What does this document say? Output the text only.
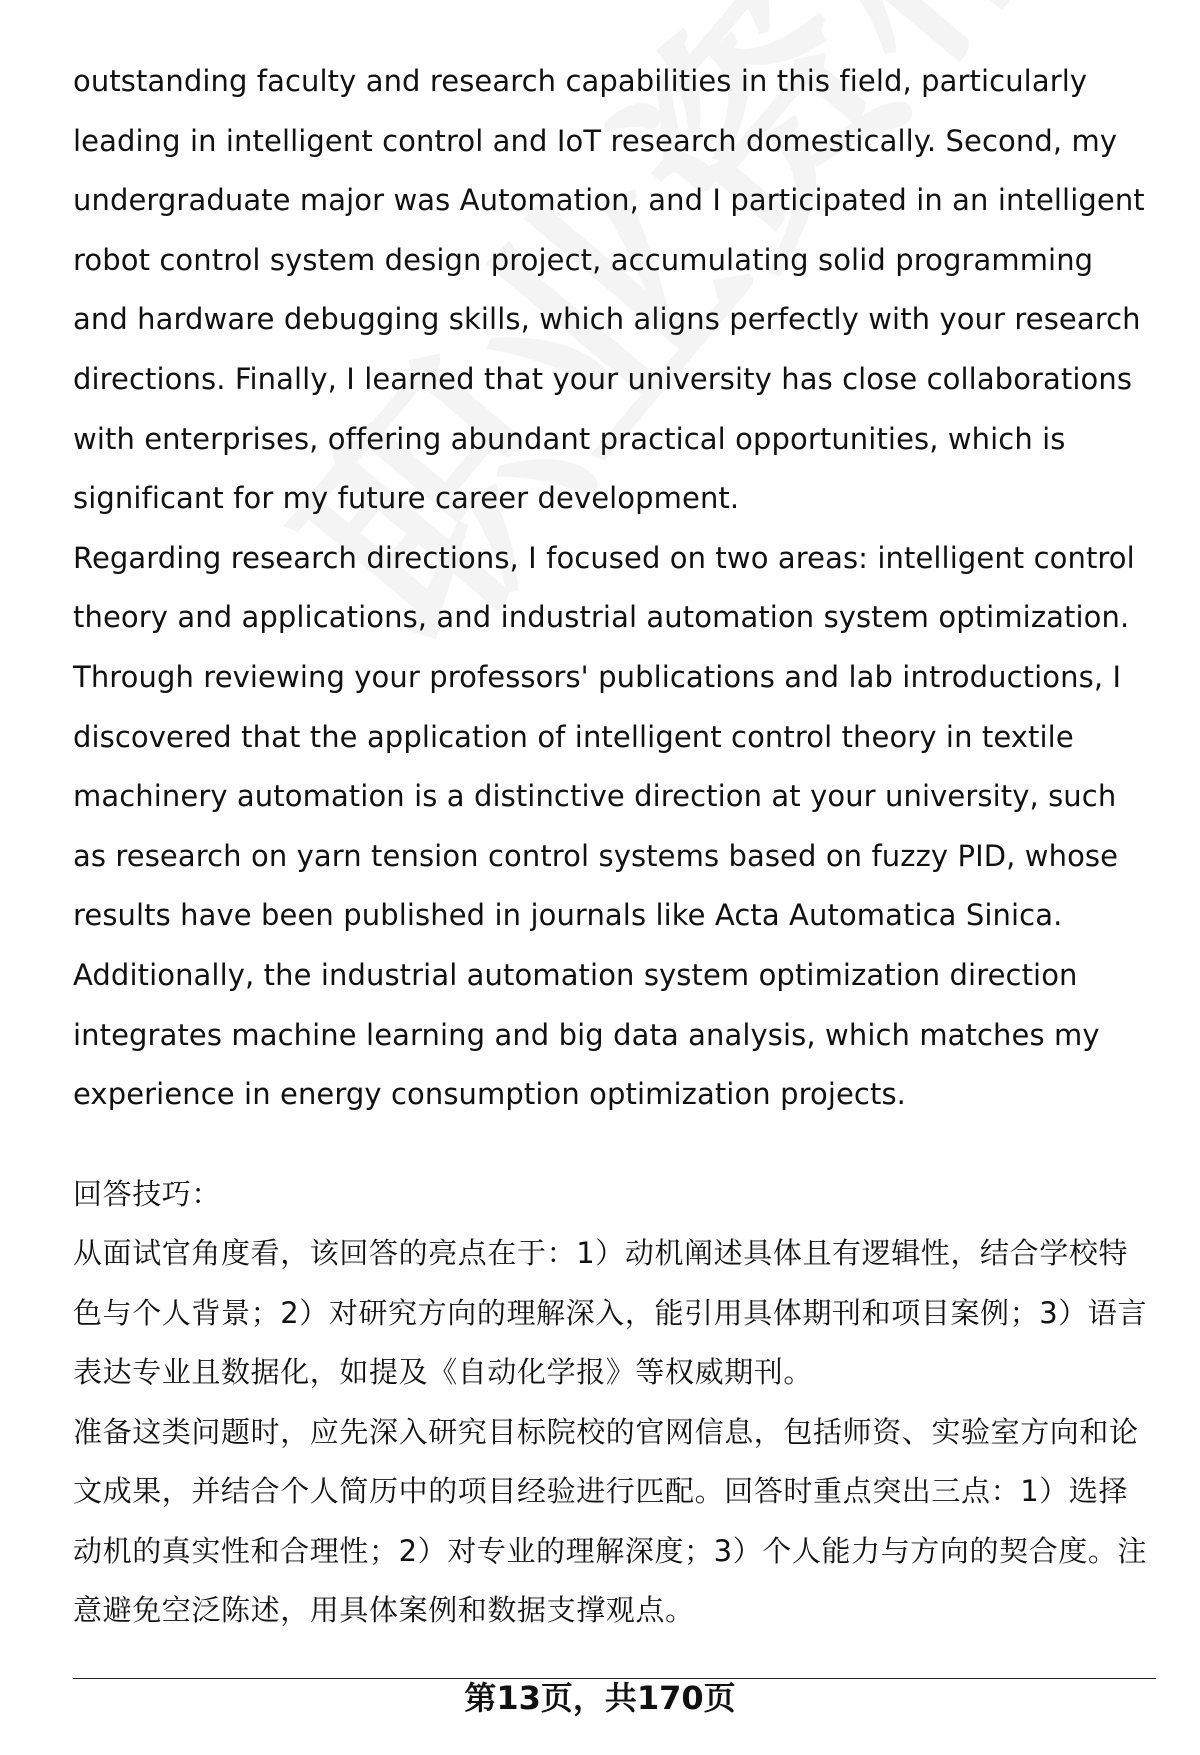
outstanding faculty and research capabilities in this field, particularly leading in intelligent control and IoT research domestically. Second, my undergraduate major was Automation, and I participated in an intelligent robot control system design project, accumulating solid programming and hardware debugging skills, which aligns perfectly with your research directions. Finally, I learned that your university has close collaborations with enterprises, offering abundant practical opportunities, which is significant for my future career development.

Regarding research directions, I focused on two areas: intelligent control theory and applications, and industrial automation system optimization. Through reviewing your professors' publications and lab introductions, I discovered that the application of intelligent control theory in textile machinery automation is a distinctive direction at your university, such as research on yarn tension control systems based on fuzzy PID, whose results have been published in journals like Acta Automatica Sinica. Additionally, the industrial automation system optimization direction integrates machine learning and big data analysis, which matches my experience in energy consumption optimization projects.

回答技巧：

从面试官角度看，该回答的亮点在于：1）动机阐述具体且有逻辑性，结合学校特色与个人背景；2）对研究方向的理解深入，能引用具体期刊和项目案例；3）语言表达专业且数据化，如提及《自动化学报》等权威期刊。

准备这类问题时，应先深入研究目标院校的官网信息，包括师资、实验室方向和论文成果，并结合个人简历中的项目经验进行匹配。回答时重点突出三点：1）选择动机的真实性和合理性；2）对专业的理解深度；3）个人能力与方向的契合度。注意避免空泛陈述，用具体案例和数据支撑观点。

第13页，共170页
